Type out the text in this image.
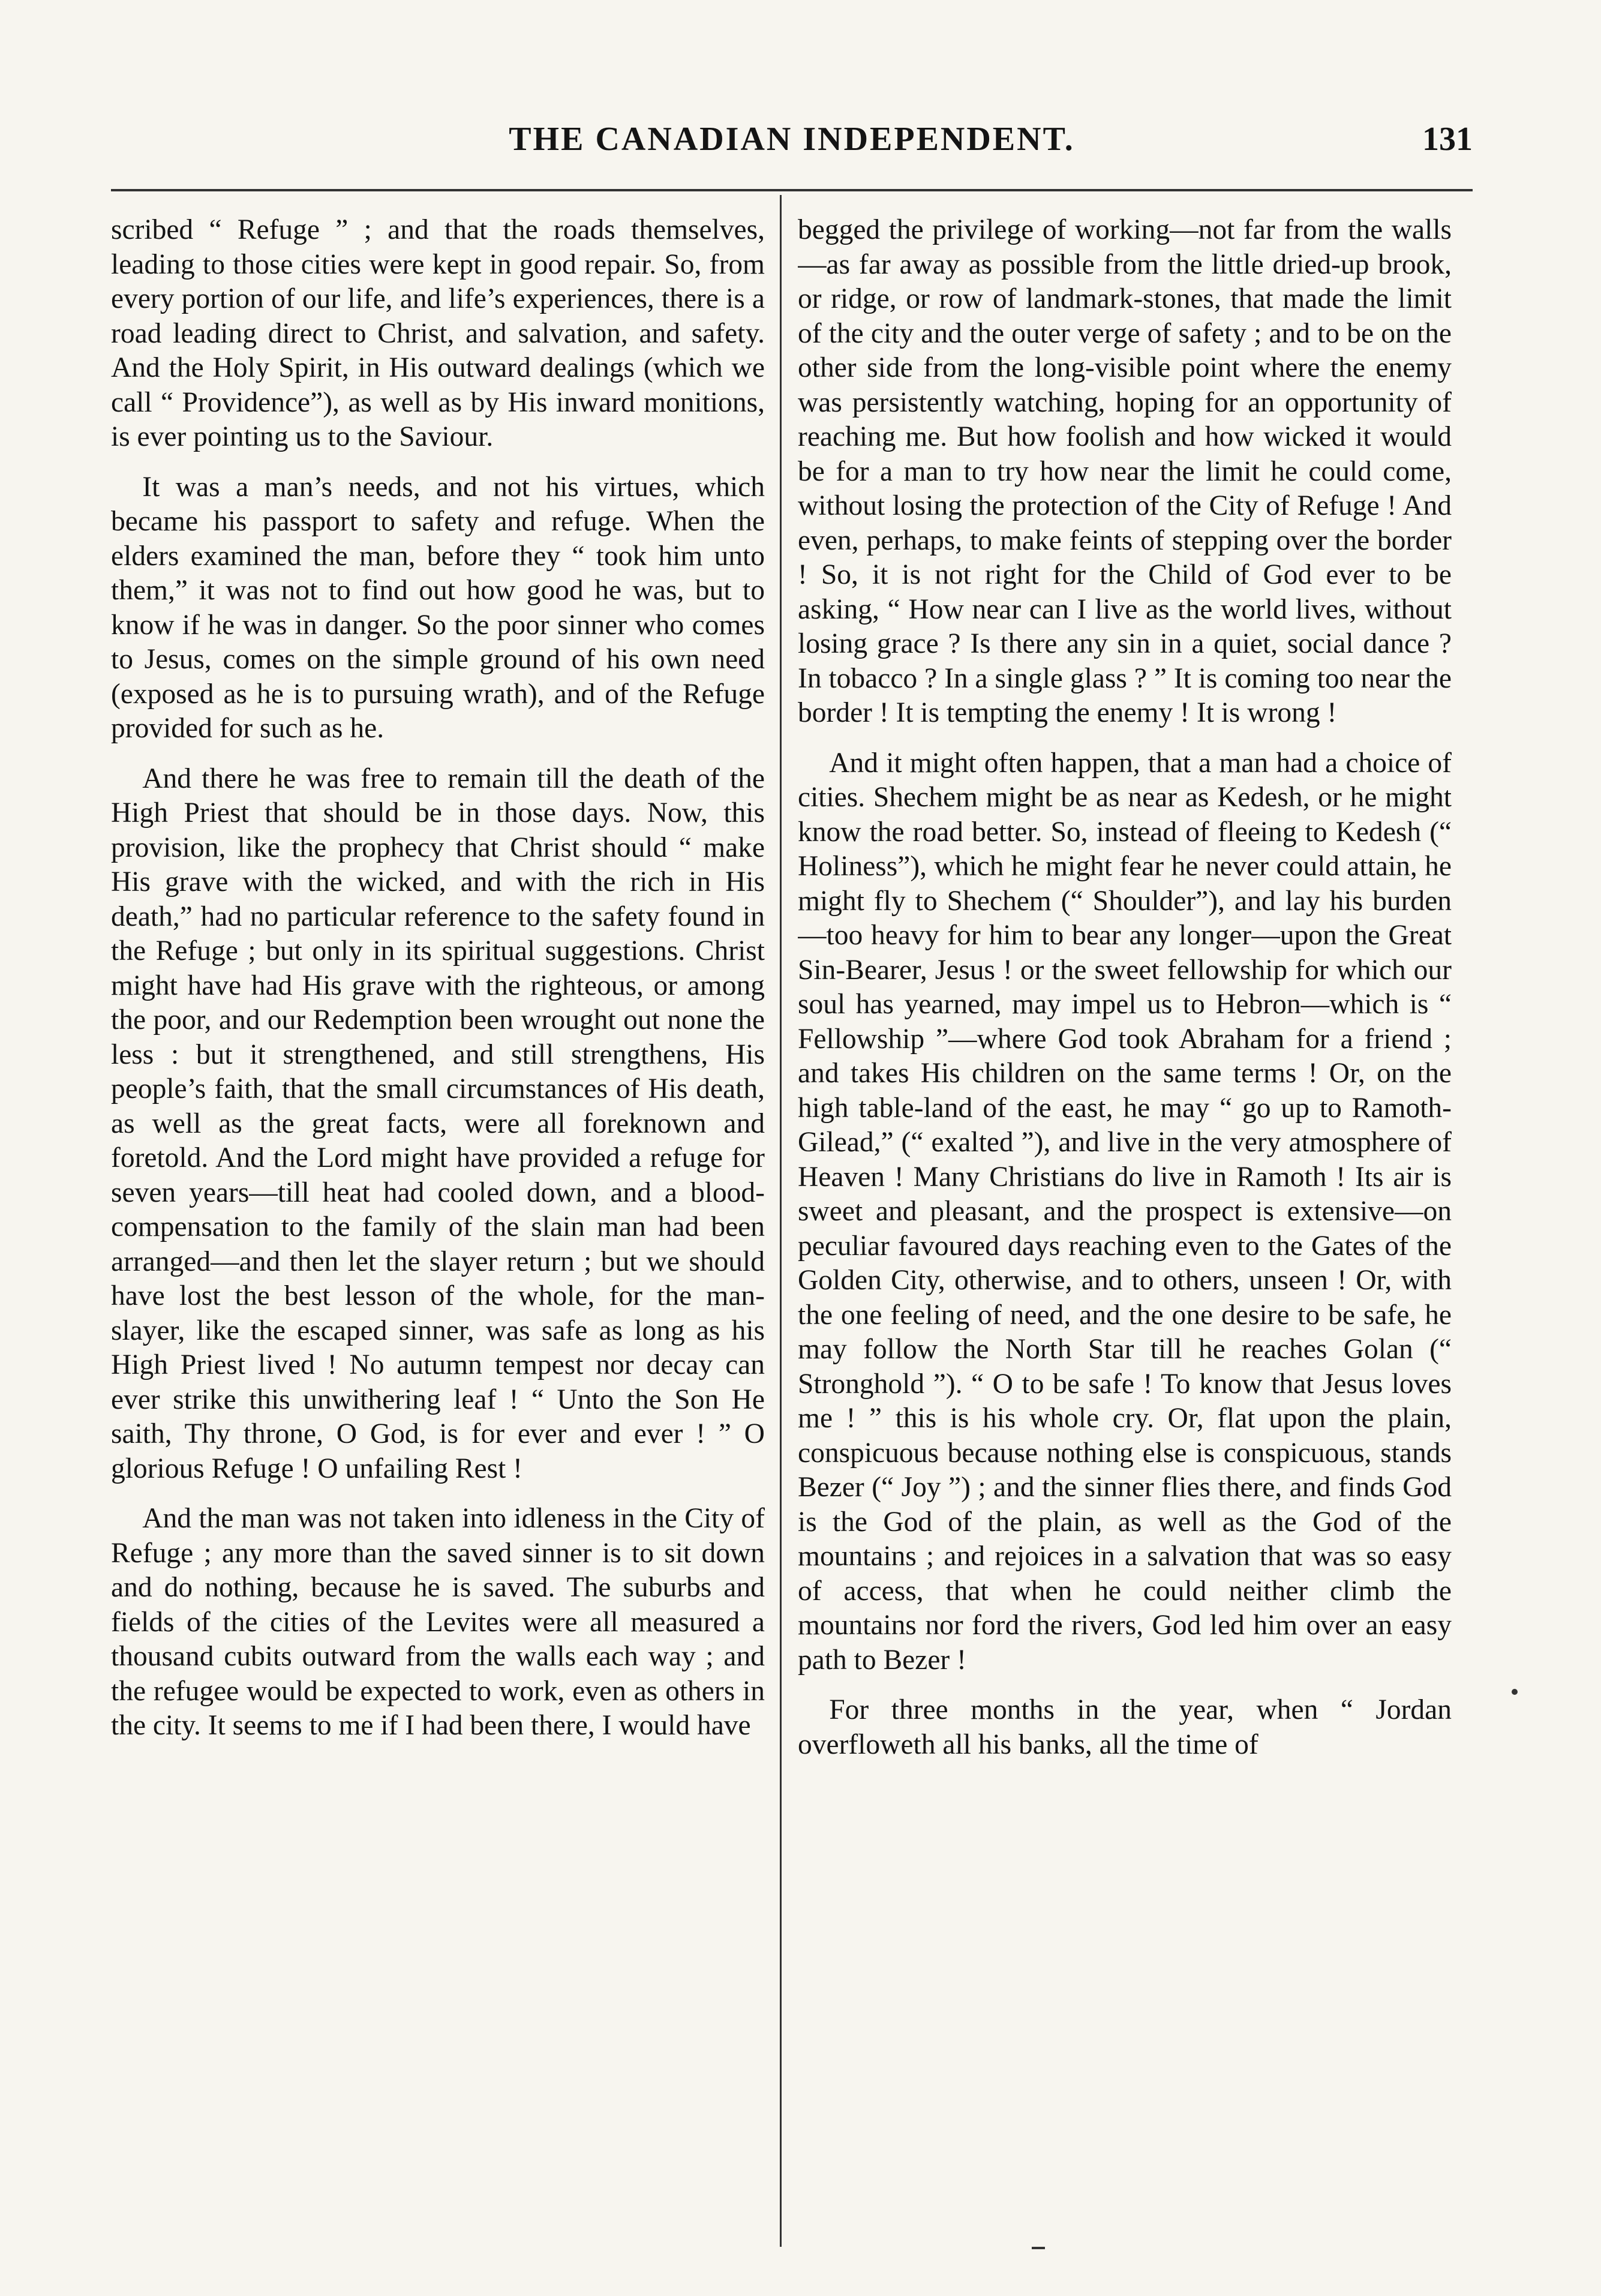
THE CANADIAN INDEPENDENT.	131

scribed “ Refuge ” ; and that the roads themselves, leading to those cities were kept in good repair. So, from every portion of our life, and life’s experiences, there is a road leading direct to Christ, and salvation, and safety. And the Holy Spirit, in His outward dealings (which we call “ Providence”), as well as by His inward monitions, is ever pointing us to the Saviour.

It was a man’s needs, and not his virtues, which became his passport to safety and refuge. When the elders examined the man, before they “ took him unto them,” it was not to find out how good he was, but to know if he was in danger. So the poor sinner who comes to Jesus, comes on the simple ground of his own need (exposed as he is to pursuing wrath), and of the Refuge provided for such as he.

And there he was free to remain till the death of the High Priest that should be in those days. Now, this provision, like the prophecy that Christ should “ make His grave with the wicked, and with the rich in His death,” had no particular reference to the safety found in the Refuge ; but only in its spiritual suggestions. Christ might have had His grave with the righteous, or among the poor, and our Redemption been wrought out none the less : but it strengthened, and still strengthens, His people’s faith, that the small circumstances of His death, as well as the great facts, were all foreknown and foretold. And the Lord might have provided a refuge for seven years—till heat had cooled down, and a blood-compensation to the family of the slain man had been arranged—and then let the slayer return ; but we should have lost the best lesson of the whole, for the man-slayer, like the escaped sinner, was safe as long as his High Priest lived ! No autumn tempest nor decay can ever strike this unwithering leaf ! “ Unto the Son He saith, Thy throne, O God, is for ever and ever ! ” O glorious Refuge ! O unfailing Rest !

And the man was not taken into idleness in the City of Refuge ; any more than the saved sinner is to sit down and do nothing, because he is saved. The suburbs and fields of the cities of the Levites were all measured a thousand cubits outward from the walls each way ; and the refugee would be expected to work, even as others in the city. It seems to me if I had been there, I would have

begged the privilege of working—not far from the walls—as far away as possible from the little dried-up brook, or ridge, or row of landmark-stones, that made the limit of the city and the outer verge of safety ; and to be on the other side from the long-visible point where the enemy was persistently watching, hoping for an opportunity of reaching me. But how foolish and how wicked it would be for a man to try how near the limit he could come, without losing the protection of the City of Refuge ! And even, perhaps, to make feints of stepping over the border ! So, it is not right for the Child of God ever to be asking, “ How near can I live as the world lives, without losing grace ? Is there any sin in a quiet, social dance ? In tobacco ? In a single glass ? ” It is coming too near the border ! It is tempting the enemy ! It is wrong !

And it might often happen, that a man had a choice of cities. Shechem might be as near as Kedesh, or he might know the road better. So, instead of fleeing to Kedesh (“ Holiness”), which he might fear he never could attain, he might fly to Shechem (“ Shoulder”), and lay his burden—too heavy for him to bear any longer—upon the Great Sin-Bearer, Jesus ! or the sweet fellowship for which our soul has yearned, may impel us to Hebron—which is “ Fellowship ”—where God took Abraham for a friend ; and takes His children on the same terms ! Or, on the high table-land of the east, he may “ go up to Ramoth-Gilead,” (“ exalted ”), and live in the very atmosphere of Heaven ! Many Christians do live in Ramoth ! Its air is sweet and pleasant, and the prospect is extensive—on peculiar favoured days reaching even to the Gates of the Golden City, otherwise, and to others, unseen ! Or, with the one feeling of need, and the one desire to be safe, he may follow the North Star till he reaches Golan (“ Stronghold ”). “ O to be safe ! To know that Jesus loves me ! ” this is his whole cry. Or, flat upon the plain, conspicuous because nothing else is conspicuous, stands Bezer (“ Joy ”) ; and the sinner flies there, and finds God is the God of the plain, as well as the God of the mountains ; and rejoices in a salvation that was so easy of access, that when he could neither climb the mountains nor ford the rivers, God led him over an easy path to Bezer !

For three months in the year, when “ Jordan overfloweth all his banks, all the time of
